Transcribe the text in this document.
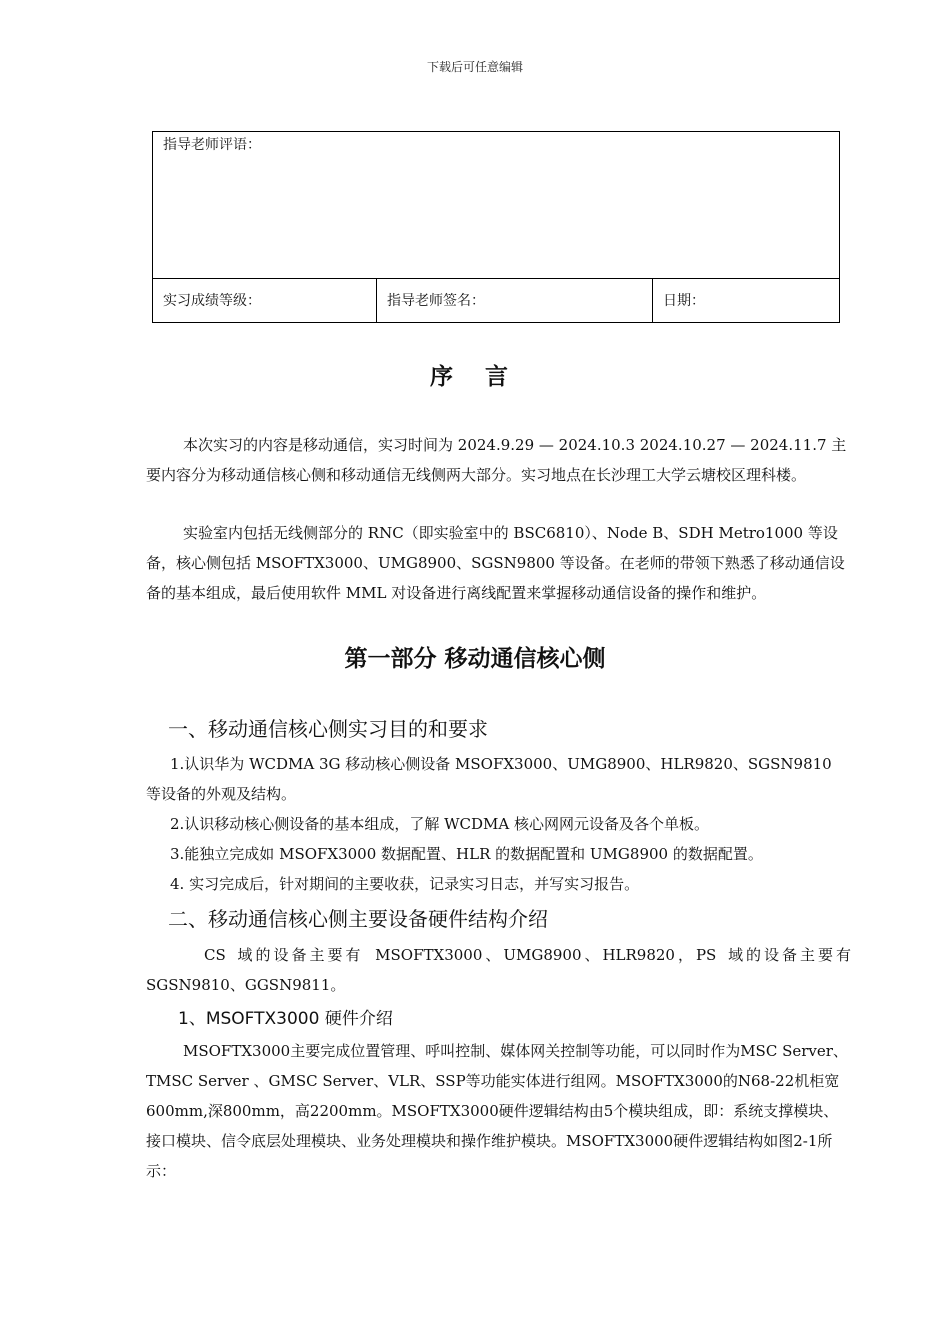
下载后可任意编辑
指导老师评语：
实习成绩等级：	指导老师签名：	日期：
序 言

本次实习的内容是移动通信，实习时间为 2024.9.29 — 2024.10.3 2024.10.27 — 2024.11.7 主要内容分为移动通信核心侧和移动通信无线侧两大部分。实习地点在长沙理工大学云塘校区理科楼。

实验室内包括无线侧部分的 RNC（即实验室中的 BSC6810）、Node B、SDH Metro1000 等设备，核心侧包括 MSOFTX3000、UMG8900、SGSN9800 等设备。在老师的带领下熟悉了移动通信设备的基本组成，最后使用软件 MML 对设备进行离线配置来掌握移动通信设备的操作和维护。

第一部分 移动通信核心侧
一、移动通信核心侧实习目的和要求

1.认识华为 WCDMA 3G 移动核心侧设备 MSOFX3000、UMG8900、HLR9820、SGSN9810 等设备的外观及结构。

2.认识移动核心侧设备的基本组成，了解 WCDMA 核心网网元设备及各个单板。

3.能独立完成如 MSOFX3000 数据配置、HLR 的数据配置和 UMG8900 的数据配置。

4. 实习完成后，针对期间的主要收获，记录实习日志，并写实习报告。

二、移动通信核心侧主要设备硬件结构介绍

CS 域的设备主要有 MSOFTX3000、UMG8900、HLR9820，PS 域的设备主要有 SGSN9810、GGSN9811。

1、MSOFTX3000 硬件介绍

MSOFTX3000主要完成位置管理、呼叫控制、媒体网关控制等功能，可以同时作为MSC Server、 TMSC Server 、GMSC Server、VLR、SSP等功能实体进行组网。MSOFTX3000的N68-22机柜宽600mm,深800mm，高2200mm。MSOFTX3000硬件逻辑结构由5个模块组成，即：系统支撑模块、接口模块、信令底层处理模块、业务处理模块和操作维护模块。MSOFTX3000硬件逻辑结构如图2-1所示：
